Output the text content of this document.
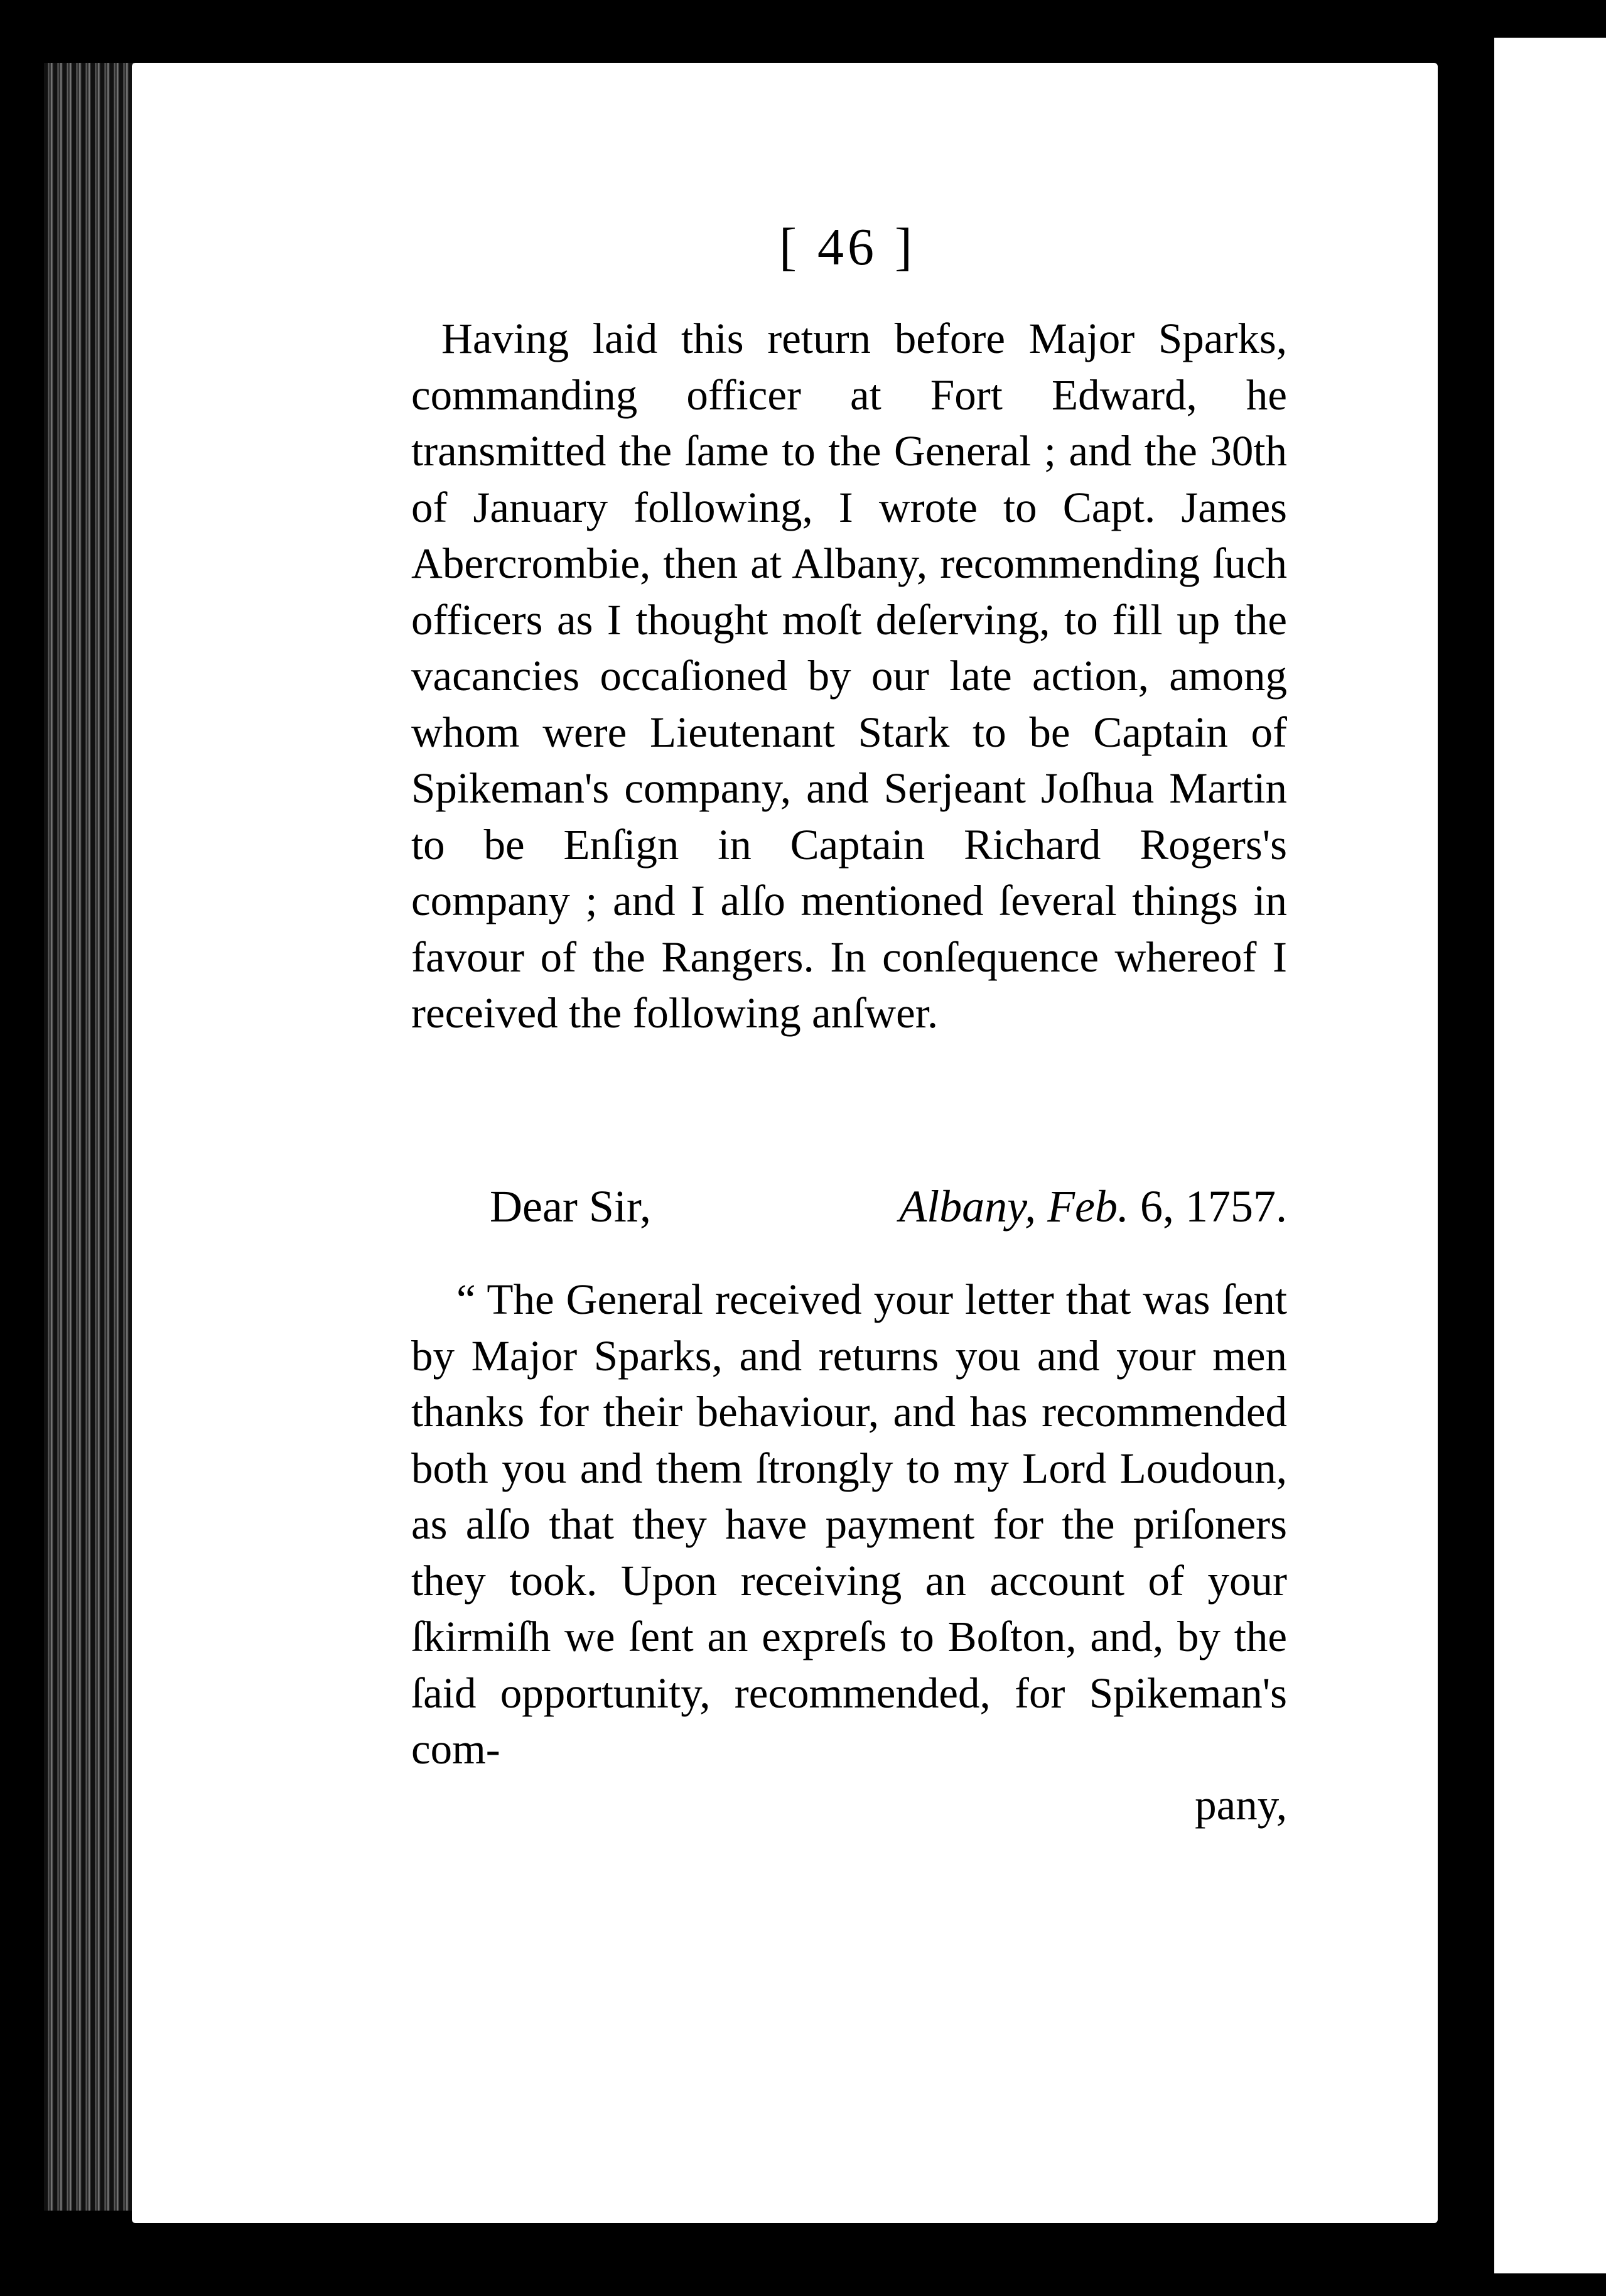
[ 46 ]

Having laid this return before Major Sparks, commanding officer at Fort Edward, he transmitted the ſame to the General ; and the 30th of January following, I wrote to Capt. James Abercrombie, then at Albany, recommending ſuch officers as I thought moſt deſerving, to fill up the vacancies occaſioned by our late action, among whom were Lieutenant Stark to be Captain of Spikeman's company, and Serjeant Joſhua Martin to be Enſign in Captain Richard Rogers's company ; and I alſo mentioned ſeveral things in favour of the Rangers. In conſequence whereof I received the following anſwer.

Dear Sir,	Albany, Feb. 6, 1757.

“ The General received your letter that was ſent by Major Sparks, and returns you and your men thanks for their behaviour, and has recommended both you and them ſtrongly to my Lord Loudoun, as alſo that they have payment for the priſoners they took. Upon receiving an account of your ſkirmiſh we ſent an expreſs to Boſton, and, by the ſaid opportunity, recommended, for Spikeman's com-

pany,
